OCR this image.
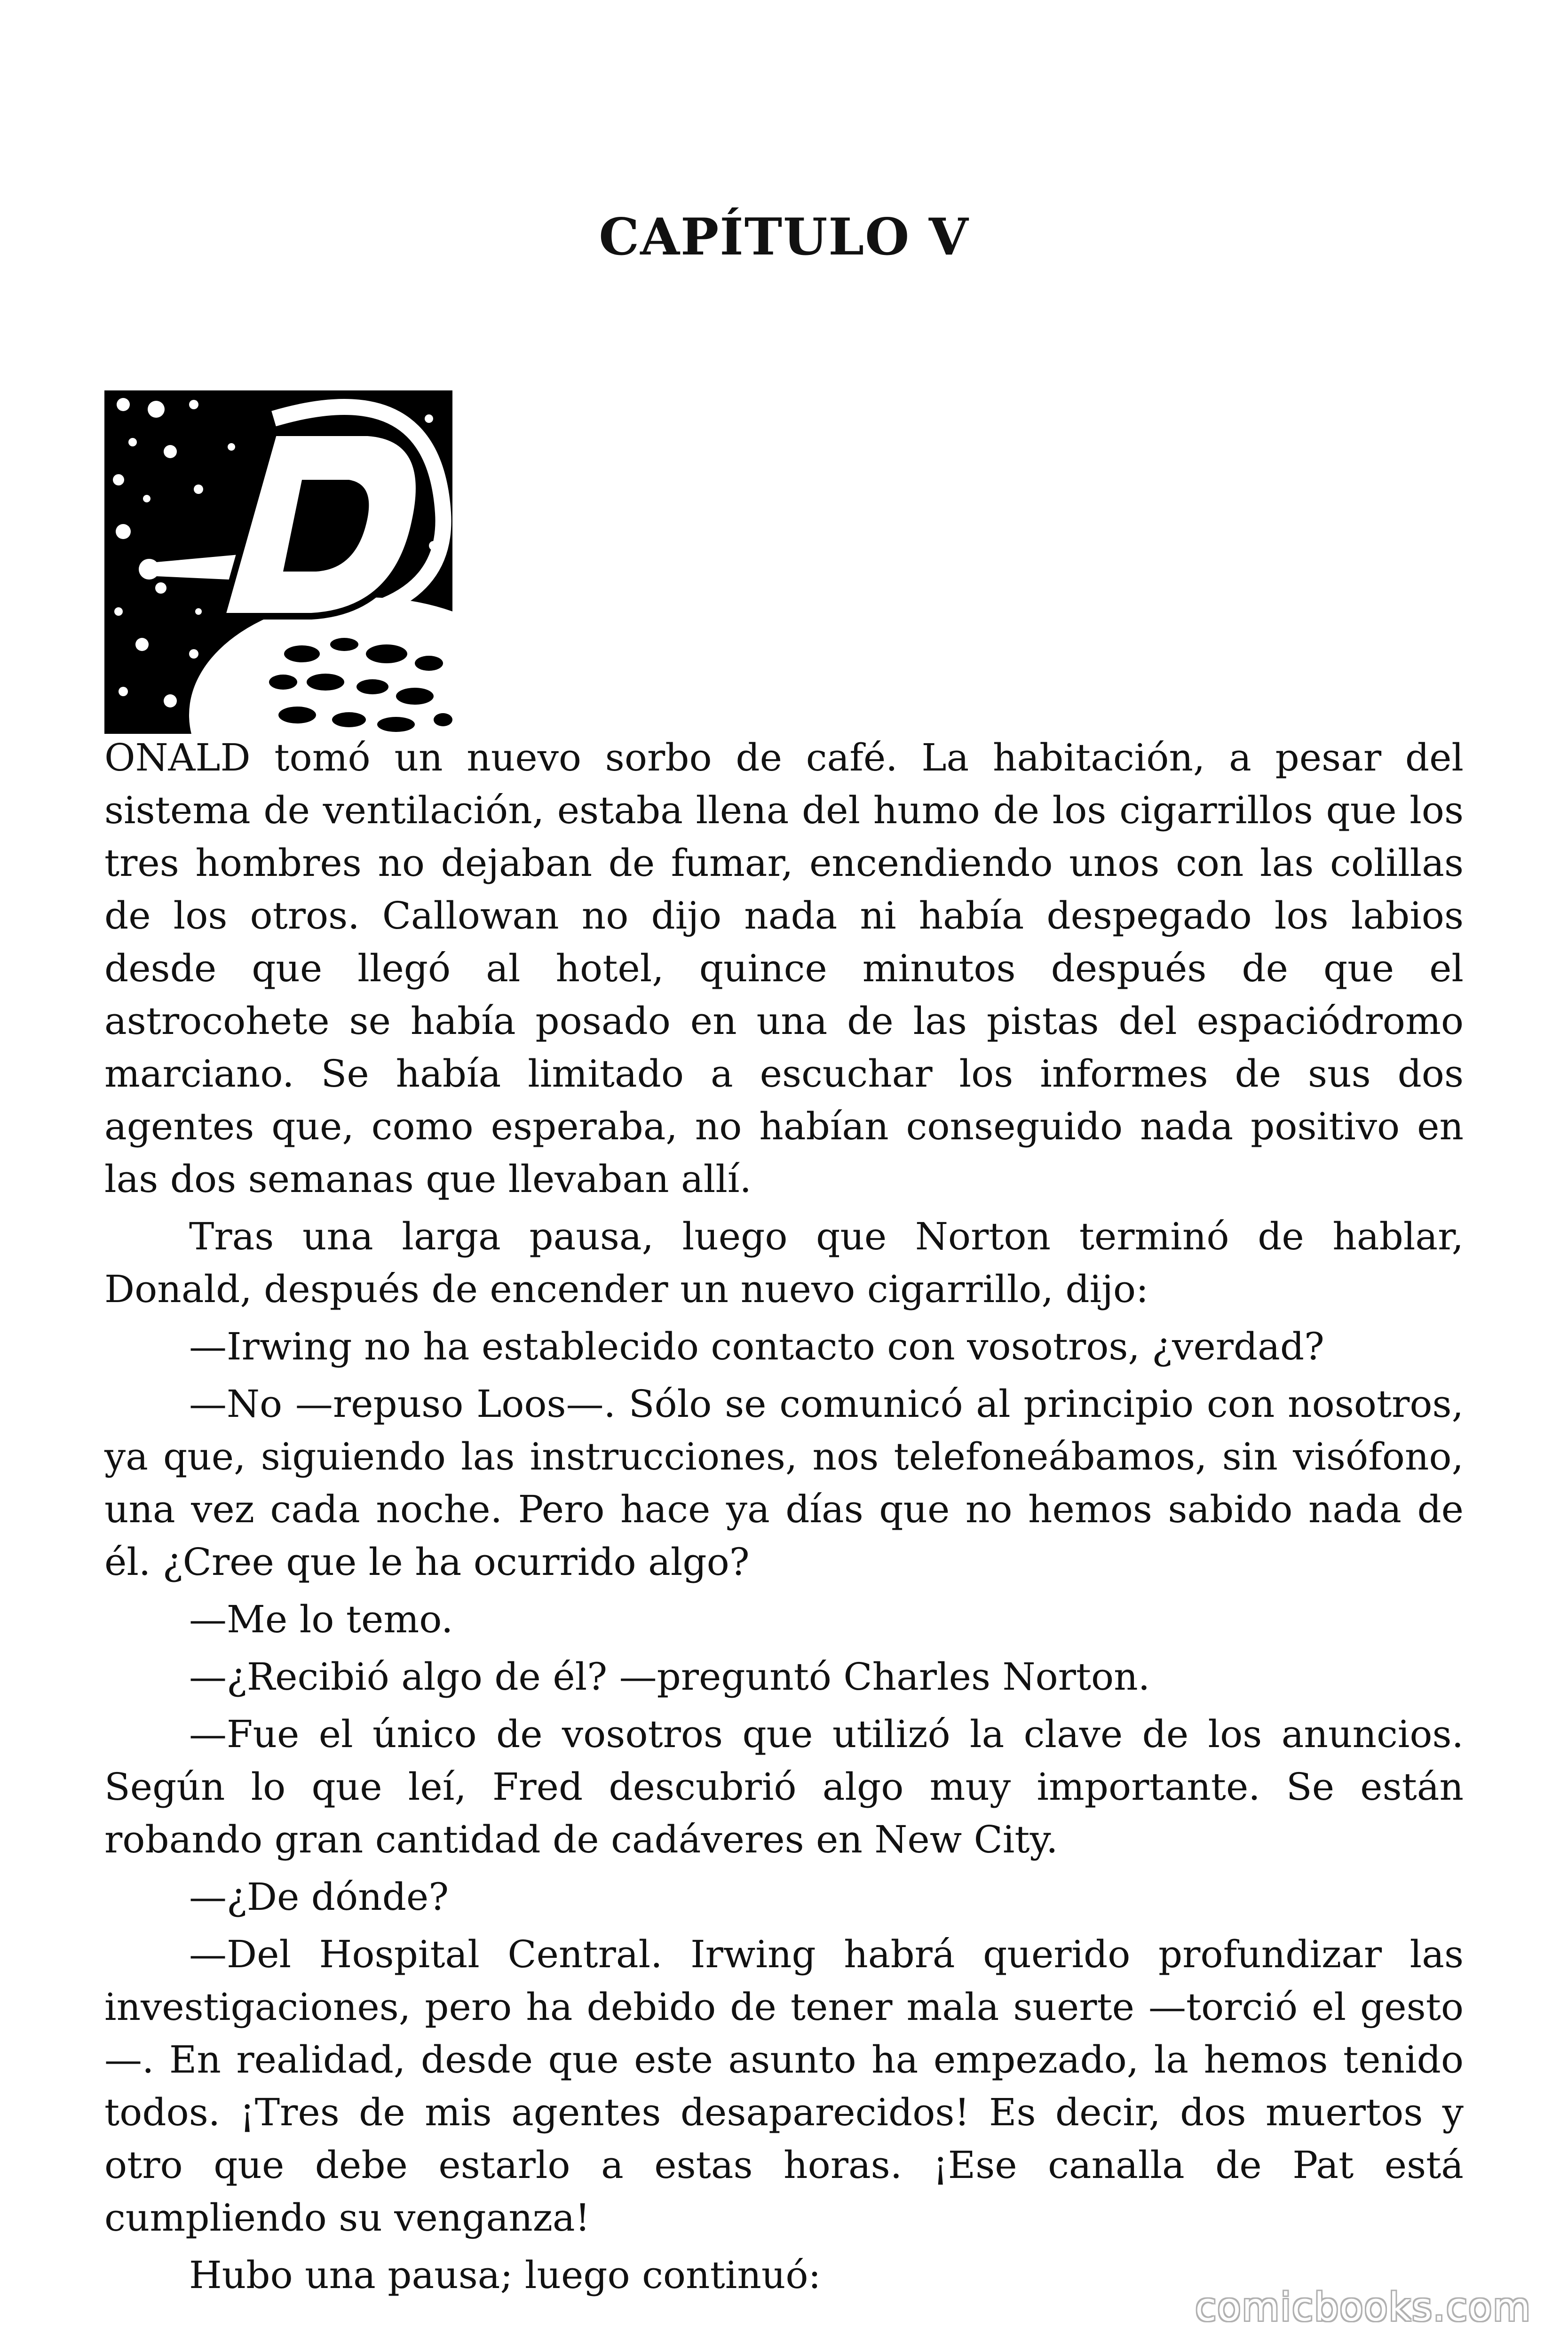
CAPÍTULO V

ONALD tomó un nuevo sorbo de café. La habitación, a pesar del sistema de ventilación, estaba llena del humo de los cigarrillos que los tres hombres no dejaban de fumar, encendiendo unos con las colillas de los otros. Callowan no dijo nada ni había despegado los labios desde que llegó al hotel, quince minutos después de que el astrocohete se había posado en una de las pistas del espaciódromo marciano. Se había limitado a escuchar los informes de sus dos agentes que, como esperaba, no habían conseguido nada positivo en las dos semanas que llevaban allí.

Tras una larga pausa, luego que Norton terminó de hablar, Donald, después de encender un nuevo cigarrillo, dijo:

—Irwing no ha establecido contacto con vosotros, ¿verdad?

—No —repuso Loos—. Sólo se comunicó al principio con nosotros, ya que, siguiendo las instrucciones, nos telefoneábamos, sin visófono, una vez cada noche. Pero hace ya días que no hemos sabido nada de él. ¿Cree que le ha ocurrido algo?

—Me lo temo.

—¿Recibió algo de él? —preguntó Charles Norton.

—Fue el único de vosotros que utilizó la clave de los anuncios. Según lo que leí, Fred descubrió algo muy importante. Se están robando gran cantidad de cadáveres en New City.

—¿De dónde?

—Del Hospital Central. Irwing habrá querido profundizar las investigaciones, pero ha debido de tener mala suerte —torció el gesto —. En realidad, desde que este asunto ha empezado, la hemos tenido todos. ¡Tres de mis agentes desaparecidos! Es decir, dos muertos y otro que debe estarlo a estas horas. ¡Ese canalla de Pat está cumpliendo su venganza!

Hubo una pausa; luego continuó:

comicbooks.com
